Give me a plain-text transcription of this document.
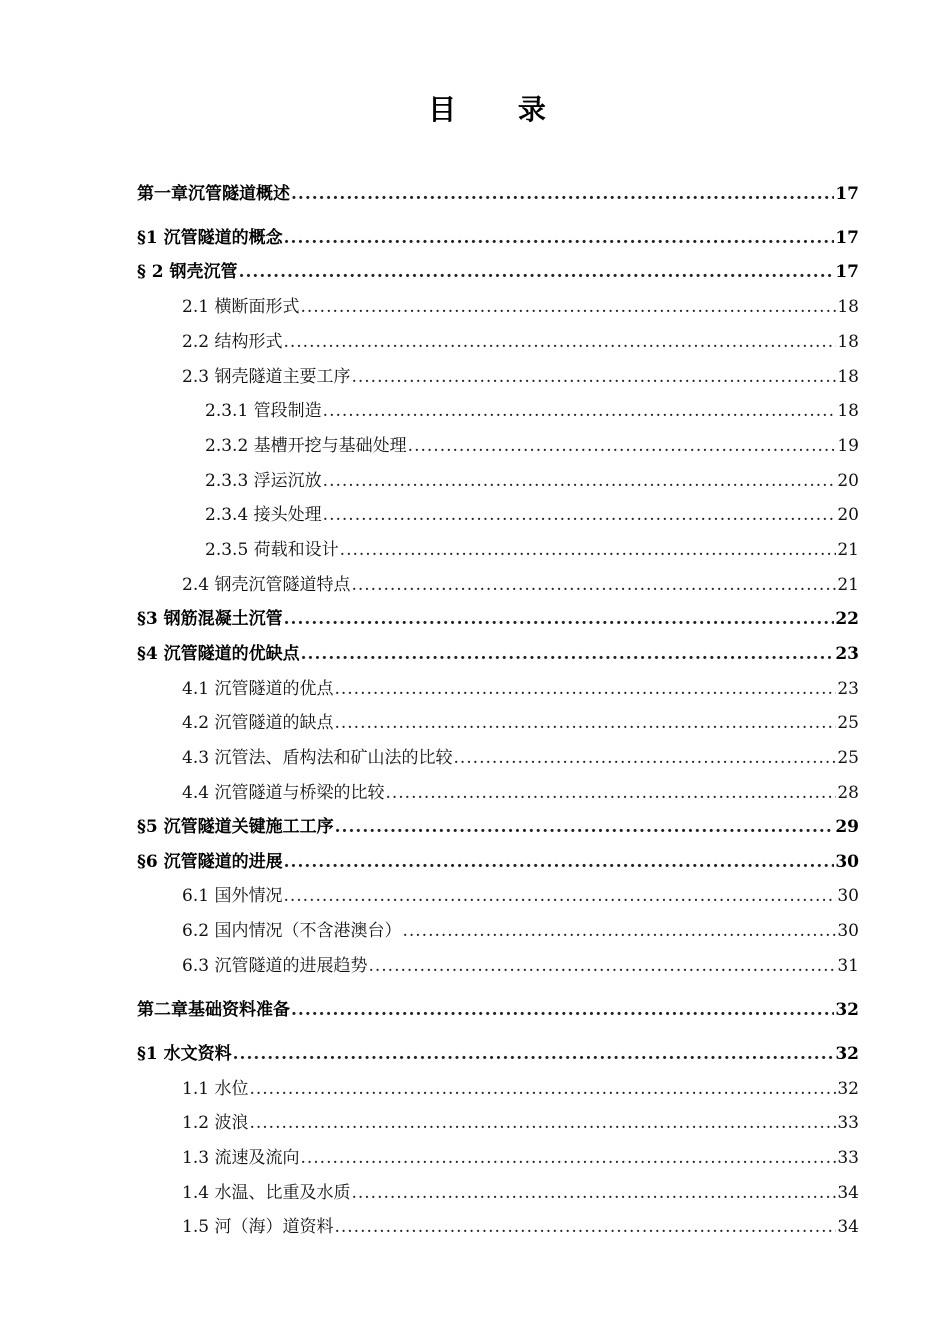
目 录
第一章沉管隧道概述 .....	17
§1 沉管隧道的概念 .....	17
§ 2 钢壳沉管 .....	17
2.1 横断面形式 .....	18
2.2 结构形式 .....	18
2.3 钢壳隧道主要工序 .....	18
2.3.1 管段制造 .....	18
2.3.2 基槽开挖与基础处理 .....	19
2.3.3 浮运沉放 .....	20
2.3.4 接头处理 .....	20
2.3.5 荷载和设计 .....	21
2.4 钢壳沉管隧道特点 .....	21
§3 钢筋混凝土沉管 .....	22
§4 沉管隧道的优缺点 .....	23
4.1 沉管隧道的优点 .....	23
4.2 沉管隧道的缺点 .....	25
4.3 沉管法、盾构法和矿山法的比较 .....	25
4.4 沉管隧道与桥梁的比较 .....	28
§5 沉管隧道关键施工工序 .....	29
§6 沉管隧道的进展 .....	30
6.1 国外情况 .....	30
6.2 国内情况（不含港澳台） .....	30
6.3 沉管隧道的进展趋势 .....	31
第二章基础资料准备 .....	32
§1 水文资料 .....	32
1.1 水位 .....	32
1.2 波浪 .....	33
1.3 流速及流向 .....	33
1.4 水温、比重及水质 .....	34
1.5 河（海）道资料 .....	34
